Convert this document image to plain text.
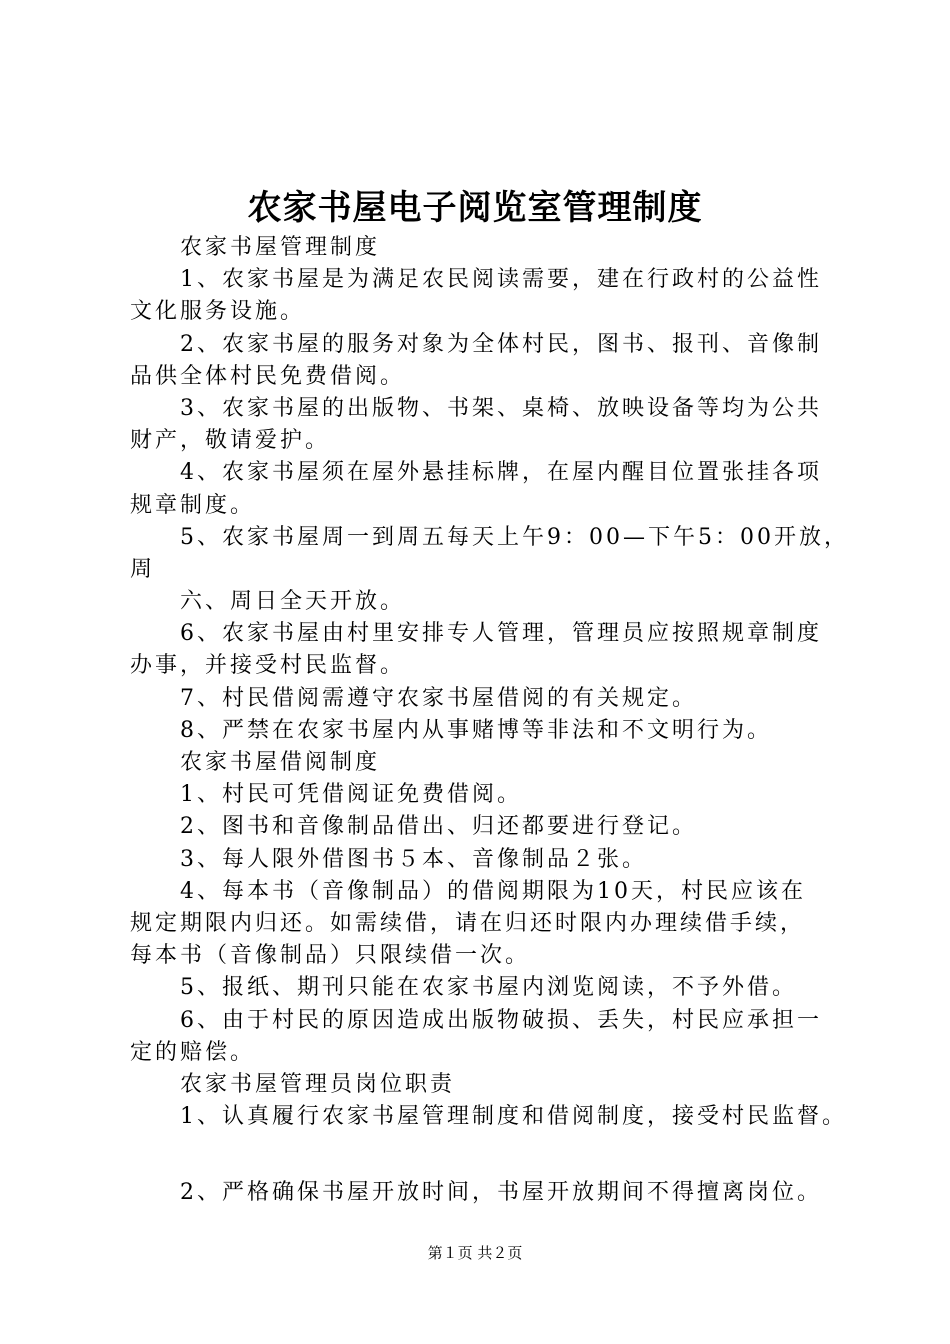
农家书屋电子阅览室管理制度
农家书屋管理制度
1、农家书屋是为满足农民阅读需要，建在行政村的公益性
文化服务设施。
2、农家书屋的服务对象为全体村民，图书、报刊、音像制
品供全体村民免费借阅。
3、农家书屋的出版物、书架、桌椅、放映设备等均为公共
财产，敬请爱护。
4、农家书屋须在屋外悬挂标牌，在屋内醒目位置张挂各项
规章制度。
5、农家书屋周一到周五每天上午9：00—下午5：00开放，
周
六、周日全天开放。
6、农家书屋由村里安排专人管理，管理员应按照规章制度
办事，并接受村民监督。
7、村民借阅需遵守农家书屋借阅的有关规定。
8、严禁在农家书屋内从事赌博等非法和不文明行为。
农家书屋借阅制度
1、村民可凭借阅证免费借阅。
2、图书和音像制品借出、归还都要进行登记。
3、每人限外借图书５本、音像制品２张。
4、每本书（音像制品）的借阅期限为10天，村民应该在
规定期限内归还。如需续借，请在归还时限内办理续借手续，
每本书（音像制品）只限续借一次。
5、报纸、期刊只能在农家书屋内浏览阅读，不予外借。
6、由于村民的原因造成出版物破损、丢失，村民应承担一
定的赔偿。
农家书屋管理员岗位职责
1、认真履行农家书屋管理制度和借阅制度，接受村民监督。
2、严格确保书屋开放时间，书屋开放期间不得擅离岗位。
第１页 共２页
